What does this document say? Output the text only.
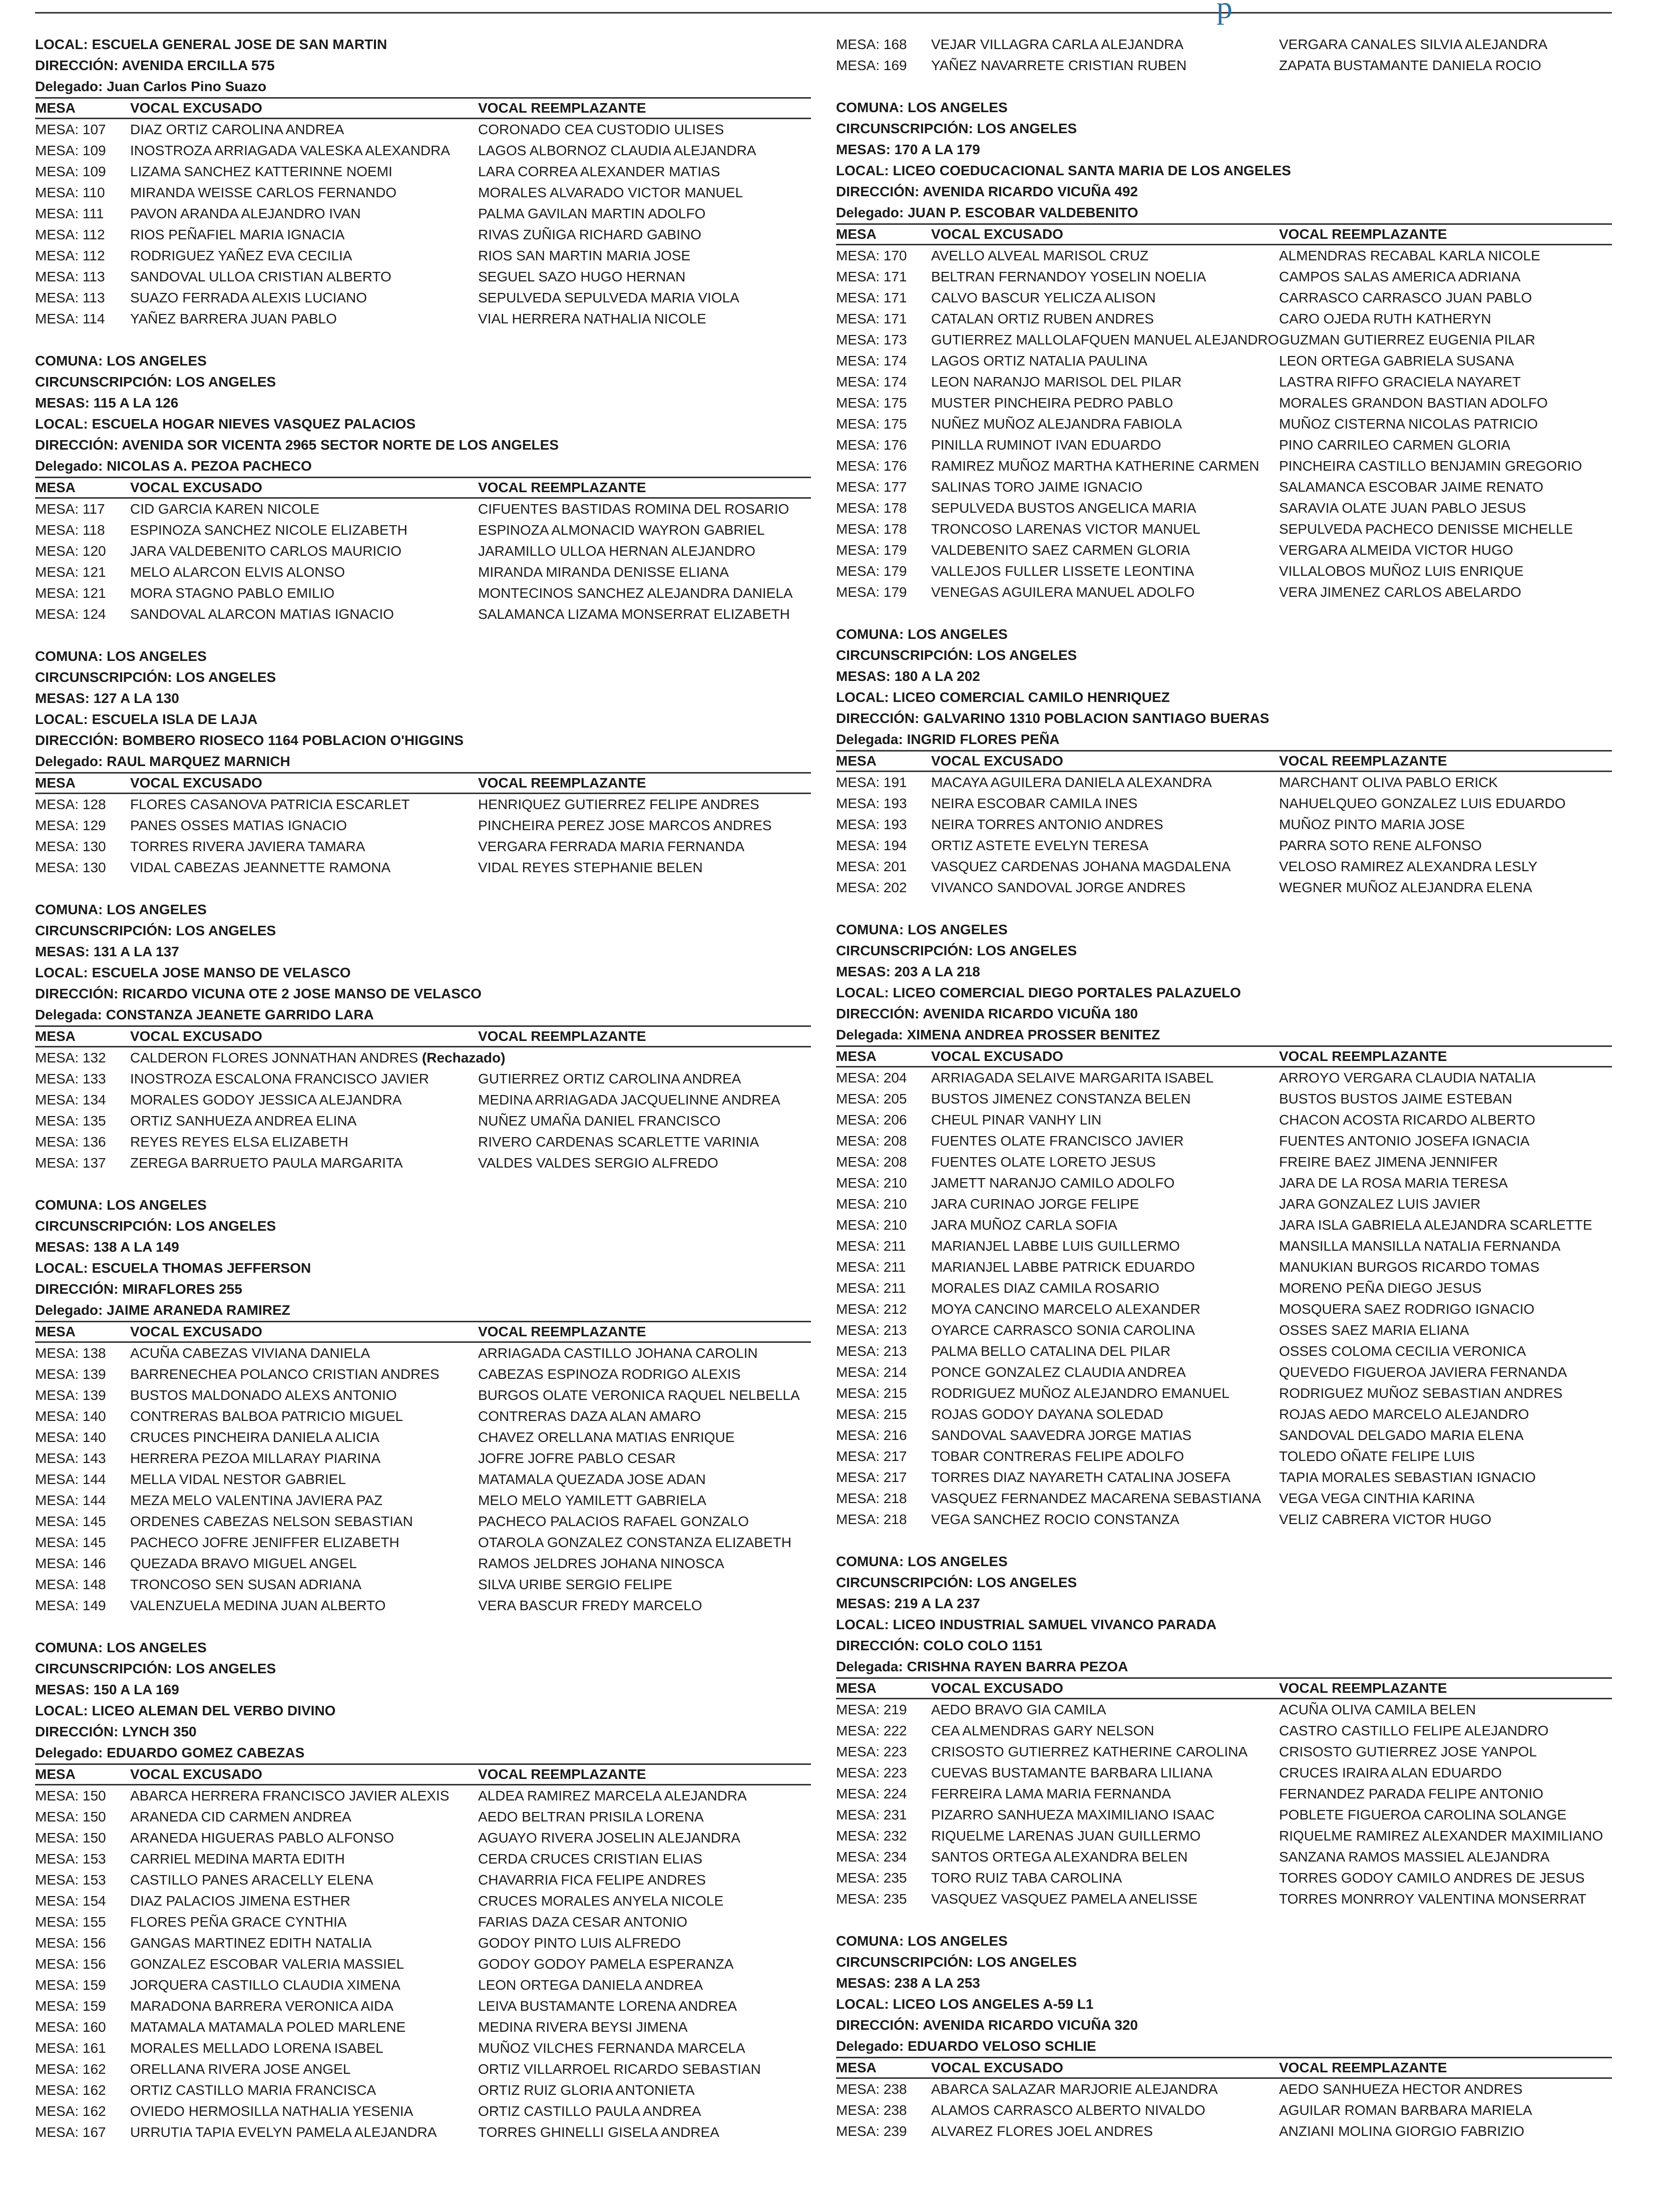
p
LOCAL: ESCUELA GENERAL JOSE DE SAN MARTIN
DIRECCIÓN: AVENIDA ERCILLA 575
Delegado: Juan Carlos Pino Suazo
MESA	VOCAL EXCUSADO	VOCAL REEMPLAZANTE
MESA: 107	DIAZ ORTIZ CAROLINA ANDREA	CORONADO CEA CUSTODIO ULISES
MESA: 109	INOSTROZA ARRIAGADA VALESKA ALEXANDRA	LAGOS ALBORNOZ CLAUDIA ALEJANDRA
MESA: 109	LIZAMA SANCHEZ KATTERINNE NOEMI	LARA CORREA ALEXANDER MATIAS
MESA: 110	MIRANDA WEISSE CARLOS FERNANDO	MORALES ALVARADO VICTOR MANUEL
MESA: 111	PAVON ARANDA ALEJANDRO IVAN	PALMA GAVILAN MARTIN ADOLFO
MESA: 112	RIOS PEÑAFIEL MARIA IGNACIA	RIVAS ZUÑIGA RICHARD GABINO
MESA: 112	RODRIGUEZ YAÑEZ EVA CECILIA	RIOS SAN MARTIN MARIA JOSE
MESA: 113	SANDOVAL ULLOA CRISTIAN ALBERTO	SEGUEL SAZO HUGO HERNAN
MESA: 113	SUAZO FERRADA ALEXIS LUCIANO	SEPULVEDA SEPULVEDA MARIA VIOLA
MESA: 114	YAÑEZ BARRERA JUAN PABLO	VIAL HERRERA NATHALIA NICOLE
COMUNA: LOS ANGELES
CIRCUNSCRIPCIÓN: LOS ANGELES
MESAS: 115 A LA 126
LOCAL: ESCUELA HOGAR NIEVES VASQUEZ PALACIOS
DIRECCIÓN: AVENIDA SOR VICENTA 2965 SECTOR NORTE DE LOS ANGELES
Delegado: NICOLAS A. PEZOA PACHECO
MESA	VOCAL EXCUSADO	VOCAL REEMPLAZANTE
MESA: 117	CID GARCIA KAREN NICOLE	CIFUENTES BASTIDAS ROMINA DEL ROSARIO
MESA: 118	ESPINOZA SANCHEZ NICOLE ELIZABETH	ESPINOZA ALMONACID WAYRON GABRIEL
MESA: 120	JARA VALDEBENITO CARLOS MAURICIO	JARAMILLO ULLOA HERNAN ALEJANDRO
MESA: 121	MELO ALARCON ELVIS ALONSO	MIRANDA MIRANDA DENISSE ELIANA
MESA: 121	MORA STAGNO PABLO EMILIO	MONTECINOS SANCHEZ ALEJANDRA DANIELA
MESA: 124	SANDOVAL ALARCON MATIAS IGNACIO	SALAMANCA LIZAMA MONSERRAT ELIZABETH
COMUNA: LOS ANGELES
CIRCUNSCRIPCIÓN: LOS ANGELES
MESAS: 127 A LA 130
LOCAL: ESCUELA ISLA DE LAJA
DIRECCIÓN: BOMBERO RIOSECO 1164 POBLACION O'HIGGINS
Delegado: RAUL MARQUEZ MARNICH
MESA	VOCAL EXCUSADO	VOCAL REEMPLAZANTE
MESA: 128	FLORES CASANOVA PATRICIA ESCARLET	HENRIQUEZ GUTIERREZ FELIPE ANDRES
MESA: 129	PANES OSSES MATIAS IGNACIO	PINCHEIRA PEREZ JOSE MARCOS ANDRES
MESA: 130	TORRES RIVERA JAVIERA TAMARA	VERGARA FERRADA MARIA FERNANDA
MESA: 130	VIDAL CABEZAS JEANNETTE RAMONA	VIDAL REYES STEPHANIE BELEN
COMUNA: LOS ANGELES
CIRCUNSCRIPCIÓN: LOS ANGELES
MESAS: 131 A LA 137
LOCAL: ESCUELA JOSE MANSO DE VELASCO
DIRECCIÓN: RICARDO VICUNA OTE 2 JOSE MANSO DE VELASCO
Delegada: CONSTANZA JEANETE GARRIDO LARA
MESA	VOCAL EXCUSADO	VOCAL REEMPLAZANTE
MESA: 132	CALDERON FLORES JONNATHAN ANDRES (Rechazado)	
MESA: 133	INOSTROZA ESCALONA FRANCISCO JAVIER	GUTIERREZ ORTIZ CAROLINA ANDREA
MESA: 134	MORALES GODOY JESSICA ALEJANDRA	MEDINA ARRIAGADA JACQUELINNE ANDREA
MESA: 135	ORTIZ SANHUEZA ANDREA ELINA	NUÑEZ UMAÑA DANIEL FRANCISCO
MESA: 136	REYES REYES ELSA ELIZABETH	RIVERO CARDENAS SCARLETTE VARINIA
MESA: 137	ZEREGA BARRUETO PAULA MARGARITA	VALDES VALDES SERGIO ALFREDO
COMUNA: LOS ANGELES
CIRCUNSCRIPCIÓN: LOS ANGELES
MESAS: 138 A LA 149
LOCAL: ESCUELA THOMAS JEFFERSON
DIRECCIÓN: MIRAFLORES 255
Delegado: JAIME ARANEDA RAMIREZ
MESA	VOCAL EXCUSADO	VOCAL REEMPLAZANTE
MESA: 138	ACUÑA CABEZAS VIVIANA DANIELA	ARRIAGADA CASTILLO JOHANA CAROLIN
MESA: 139	BARRENECHEA POLANCO CRISTIAN ANDRES	CABEZAS ESPINOZA RODRIGO ALEXIS
MESA: 139	BUSTOS MALDONADO ALEXS ANTONIO	BURGOS OLATE VERONICA RAQUEL NELBELLA
MESA: 140	CONTRERAS BALBOA PATRICIO MIGUEL	CONTRERAS DAZA ALAN AMARO
MESA: 140	CRUCES PINCHEIRA DANIELA ALICIA	CHAVEZ ORELLANA MATIAS ENRIQUE
MESA: 143	HERRERA PEZOA MILLARAY PIARINA	JOFRE JOFRE PABLO CESAR
MESA: 144	MELLA VIDAL NESTOR GABRIEL	MATAMALA QUEZADA JOSE ADAN
MESA: 144	MEZA MELO VALENTINA JAVIERA PAZ	MELO MELO YAMILETT GABRIELA
MESA: 145	ORDENES CABEZAS NELSON SEBASTIAN	PACHECO PALACIOS RAFAEL GONZALO
MESA: 145	PACHECO JOFRE JENIFFER ELIZABETH	OTAROLA GONZALEZ CONSTANZA ELIZABETH
MESA: 146	QUEZADA BRAVO MIGUEL ANGEL	RAMOS JELDRES JOHANA NINOSCA
MESA: 148	TRONCOSO SEN SUSAN ADRIANA	SILVA URIBE SERGIO FELIPE
MESA: 149	VALENZUELA MEDINA JUAN ALBERTO	VERA BASCUR FREDY MARCELO
COMUNA: LOS ANGELES
CIRCUNSCRIPCIÓN: LOS ANGELES
MESAS: 150 A LA 169
LOCAL: LICEO ALEMAN DEL VERBO DIVINO
DIRECCIÓN: LYNCH 350
Delegado: EDUARDO GOMEZ CABEZAS
MESA	VOCAL EXCUSADO	VOCAL REEMPLAZANTE
MESA: 150	ABARCA HERRERA FRANCISCO JAVIER ALEXIS	ALDEA RAMIREZ MARCELA ALEJANDRA
MESA: 150	ARANEDA CID CARMEN ANDREA	AEDO BELTRAN PRISILA LORENA
MESA: 150	ARANEDA HIGUERAS PABLO ALFONSO	AGUAYO RIVERA JOSELIN ALEJANDRA
MESA: 153	CARRIEL MEDINA MARTA EDITH	CERDA CRUCES CRISTIAN ELIAS
MESA: 153	CASTILLO PANES ARACELLY ELENA	CHAVARRIA FICA FELIPE ANDRES
MESA: 154	DIAZ PALACIOS JIMENA ESTHER	CRUCES MORALES ANYELA NICOLE
MESA: 155	FLORES PEÑA GRACE CYNTHIA	FARIAS DAZA CESAR ANTONIO
MESA: 156	GANGAS MARTINEZ EDITH NATALIA	GODOY PINTO LUIS ALFREDO
MESA: 156	GONZALEZ ESCOBAR VALERIA MASSIEL	GODOY GODOY PAMELA ESPERANZA
MESA: 159	JORQUERA CASTILLO CLAUDIA XIMENA	LEON ORTEGA DANIELA ANDREA
MESA: 159	MARADONA BARRERA VERONICA AIDA	LEIVA BUSTAMANTE LORENA ANDREA
MESA: 160	MATAMALA MATAMALA POLED MARLENE	MEDINA RIVERA BEYSI JIMENA
MESA: 161	MORALES MELLADO LORENA ISABEL	MUÑOZ VILCHES FERNANDA MARCELA
MESA: 162	ORELLANA RIVERA JOSE ANGEL	ORTIZ VILLARROEL RICARDO SEBASTIAN
MESA: 162	ORTIZ CASTILLO MARIA FRANCISCA	ORTIZ RUIZ GLORIA ANTONIETA
MESA: 162	OVIEDO HERMOSILLA NATHALIA YESENIA	ORTIZ CASTILLO PAULA ANDREA
MESA: 167	URRUTIA TAPIA EVELYN PAMELA ALEJANDRA	TORRES GHINELLI GISELA ANDREA
MESA: 168	VEJAR VILLAGRA CARLA ALEJANDRA	VERGARA CANALES SILVIA ALEJANDRA
MESA: 169	YAÑEZ NAVARRETE CRISTIAN RUBEN	ZAPATA BUSTAMANTE DANIELA ROCIO
COMUNA: LOS ANGELES
CIRCUNSCRIPCIÓN: LOS ANGELES
MESAS: 170 A LA 179
LOCAL: LICEO COEDUCACIONAL SANTA MARIA DE LOS ANGELES
DIRECCIÓN: AVENIDA RICARDO VICUÑA 492
Delegado: JUAN P. ESCOBAR VALDEBENITO
MESA	VOCAL EXCUSADO	VOCAL REEMPLAZANTE
MESA: 170	AVELLO ALVEAL MARISOL CRUZ	ALMENDRAS RECABAL KARLA NICOLE
MESA: 171	BELTRAN FERNANDOY YOSELIN NOELIA	CAMPOS SALAS AMERICA ADRIANA
MESA: 171	CALVO BASCUR YELICZA ALISON	CARRASCO CARRASCO JUAN PABLO
MESA: 171	CATALAN ORTIZ RUBEN ANDRES	CARO OJEDA RUTH KATHERYN
MESA: 173	GUTIERREZ MALLOLAFQUEN MANUEL ALEJANDRO	GUZMAN GUTIERREZ EUGENIA PILAR
MESA: 174	LAGOS ORTIZ NATALIA PAULINA	LEON ORTEGA GABRIELA SUSANA
MESA: 174	LEON NARANJO MARISOL DEL PILAR	LASTRA RIFFO GRACIELA NAYARET
MESA: 175	MUSTER PINCHEIRA PEDRO PABLO	MORALES GRANDON BASTIAN ADOLFO
MESA: 175	NUÑEZ MUÑOZ ALEJANDRA FABIOLA	MUÑOZ CISTERNA NICOLAS PATRICIO
MESA: 176	PINILLA RUMINOT IVAN EDUARDO	PINO CARRILEO CARMEN GLORIA
MESA: 176	RAMIREZ MUÑOZ MARTHA KATHERINE CARMEN	PINCHEIRA CASTILLO BENJAMIN GREGORIO
MESA: 177	SALINAS TORO JAIME IGNACIO	SALAMANCA ESCOBAR JAIME RENATO
MESA: 178	SEPULVEDA BUSTOS ANGELICA MARIA	SARAVIA OLATE JUAN PABLO JESUS
MESA: 178	TRONCOSO LARENAS VICTOR MANUEL	SEPULVEDA PACHECO DENISSE MICHELLE
MESA: 179	VALDEBENITO SAEZ CARMEN GLORIA	VERGARA ALMEIDA VICTOR HUGO
MESA: 179	VALLEJOS FULLER LISSETE LEONTINA	VILLALOBOS MUÑOZ LUIS ENRIQUE
MESA: 179	VENEGAS AGUILERA MANUEL ADOLFO	VERA JIMENEZ CARLOS ABELARDO
COMUNA: LOS ANGELES
CIRCUNSCRIPCIÓN: LOS ANGELES
MESAS: 180 A LA 202
LOCAL: LICEO COMERCIAL CAMILO HENRIQUEZ
DIRECCIÓN: GALVARINO 1310 POBLACION SANTIAGO BUERAS
Delegada: INGRID FLORES PEÑA
MESA	VOCAL EXCUSADO	VOCAL REEMPLAZANTE
MESA: 191	MACAYA AGUILERA DANIELA ALEXANDRA	MARCHANT OLIVA PABLO ERICK
MESA: 193	NEIRA ESCOBAR CAMILA INES	NAHUELQUEO GONZALEZ LUIS EDUARDO
MESA: 193	NEIRA TORRES ANTONIO ANDRES	MUÑOZ PINTO MARIA JOSE
MESA: 194	ORTIZ ASTETE EVELYN TERESA	PARRA SOTO RENE ALFONSO
MESA: 201	VASQUEZ CARDENAS JOHANA MAGDALENA	VELOSO RAMIREZ ALEXANDRA LESLY
MESA: 202	VIVANCO SANDOVAL JORGE ANDRES	WEGNER MUÑOZ ALEJANDRA ELENA
COMUNA: LOS ANGELES
CIRCUNSCRIPCIÓN: LOS ANGELES
MESAS: 203 A LA 218
LOCAL: LICEO COMERCIAL DIEGO PORTALES PALAZUELO
DIRECCIÓN: AVENIDA RICARDO VICUÑA 180
Delegada: XIMENA ANDREA PROSSER BENITEZ
MESA	VOCAL EXCUSADO	VOCAL REEMPLAZANTE
MESA: 204	ARRIAGADA SELAIVE MARGARITA ISABEL	ARROYO VERGARA CLAUDIA NATALIA
MESA: 205	BUSTOS JIMENEZ CONSTANZA BELEN	BUSTOS BUSTOS JAIME ESTEBAN
MESA: 206	CHEUL PINAR VANHY LIN	CHACON ACOSTA RICARDO ALBERTO
MESA: 208	FUENTES OLATE FRANCISCO JAVIER	FUENTES ANTONIO JOSEFA IGNACIA
MESA: 208	FUENTES OLATE LORETO JESUS	FREIRE BAEZ JIMENA JENNIFER
MESA: 210	JAMETT NARANJO CAMILO ADOLFO	JARA DE LA ROSA MARIA TERESA
MESA: 210	JARA CURINAO JORGE FELIPE	JARA GONZALEZ LUIS JAVIER
MESA: 210	JARA MUÑOZ CARLA SOFIA	JARA ISLA GABRIELA ALEJANDRA SCARLETTE
MESA: 211	MARIANJEL LABBE LUIS GUILLERMO	MANSILLA MANSILLA NATALIA FERNANDA
MESA: 211	MARIANJEL LABBE PATRICK EDUARDO	MANUKIAN BURGOS RICARDO TOMAS
MESA: 211	MORALES DIAZ CAMILA ROSARIO	MORENO PEÑA DIEGO JESUS
MESA: 212	MOYA CANCINO MARCELO ALEXANDER	MOSQUERA SAEZ RODRIGO IGNACIO
MESA: 213	OYARCE CARRASCO SONIA CAROLINA	OSSES SAEZ MARIA ELIANA
MESA: 213	PALMA BELLO CATALINA DEL PILAR	OSSES COLOMA CECILIA VERONICA
MESA: 214	PONCE GONZALEZ CLAUDIA ANDREA	QUEVEDO FIGUEROA JAVIERA FERNANDA
MESA: 215	RODRIGUEZ MUÑOZ ALEJANDRO EMANUEL	RODRIGUEZ MUÑOZ SEBASTIAN ANDRES
MESA: 215	ROJAS GODOY DAYANA SOLEDAD	ROJAS AEDO MARCELO ALEJANDRO
MESA: 216	SANDOVAL SAAVEDRA JORGE MATIAS	SANDOVAL DELGADO MARIA ELENA
MESA: 217	TOBAR CONTRERAS FELIPE ADOLFO	TOLEDO OÑATE FELIPE LUIS
MESA: 217	TORRES DIAZ NAYARETH CATALINA JOSEFA	TAPIA MORALES SEBASTIAN IGNACIO
MESA: 218	VASQUEZ FERNANDEZ MACARENA SEBASTIANA	VEGA VEGA CINTHIA KARINA
MESA: 218	VEGA SANCHEZ ROCIO CONSTANZA	VELIZ CABRERA VICTOR HUGO
COMUNA: LOS ANGELES
CIRCUNSCRIPCIÓN: LOS ANGELES
MESAS: 219 A LA 237
LOCAL: LICEO INDUSTRIAL SAMUEL VIVANCO PARADA
DIRECCIÓN: COLO COLO 1151
Delegada: CRISHNA RAYEN BARRA PEZOA
MESA	VOCAL EXCUSADO	VOCAL REEMPLAZANTE
MESA: 219	AEDO BRAVO GIA CAMILA	ACUÑA OLIVA CAMILA BELEN
MESA: 222	CEA ALMENDRAS GARY NELSON	CASTRO CASTILLO FELIPE ALEJANDRO
MESA: 223	CRISOSTO GUTIERREZ KATHERINE CAROLINA	CRISOSTO GUTIERREZ JOSE YANPOL
MESA: 223	CUEVAS BUSTAMANTE BARBARA LILIANA	CRUCES IRAIRA ALAN EDUARDO
MESA: 224	FERREIRA LAMA MARIA FERNANDA	FERNANDEZ PARADA FELIPE ANTONIO
MESA: 231	PIZARRO SANHUEZA MAXIMILIANO ISAAC	POBLETE FIGUEROA CAROLINA SOLANGE
MESA: 232	RIQUELME LARENAS JUAN GUILLERMO	RIQUELME RAMIREZ ALEXANDER MAXIMILIANO
MESA: 234	SANTOS ORTEGA ALEXANDRA BELEN	SANZANA RAMOS MASSIEL ALEJANDRA
MESA: 235	TORO RUIZ TABA CAROLINA	TORRES GODOY CAMILO ANDRES DE JESUS
MESA: 235	VASQUEZ VASQUEZ PAMELA ANELISSE	TORRES MONRROY VALENTINA MONSERRAT
COMUNA: LOS ANGELES
CIRCUNSCRIPCIÓN: LOS ANGELES
MESAS: 238 A LA 253
LOCAL: LICEO LOS ANGELES A-59 L1
DIRECCIÓN: AVENIDA RICARDO VICUÑA 320
Delegado: EDUARDO VELOSO SCHLIE
MESA	VOCAL EXCUSADO	VOCAL REEMPLAZANTE
MESA: 238	ABARCA SALAZAR MARJORIE ALEJANDRA	AEDO SANHUEZA HECTOR ANDRES
MESA: 238	ALAMOS CARRASCO ALBERTO NIVALDO	AGUILAR ROMAN BARBARA MARIELA
MESA: 239	ALVAREZ FLORES JOEL ANDRES	ANZIANI MOLINA GIORGIO FABRIZIO
